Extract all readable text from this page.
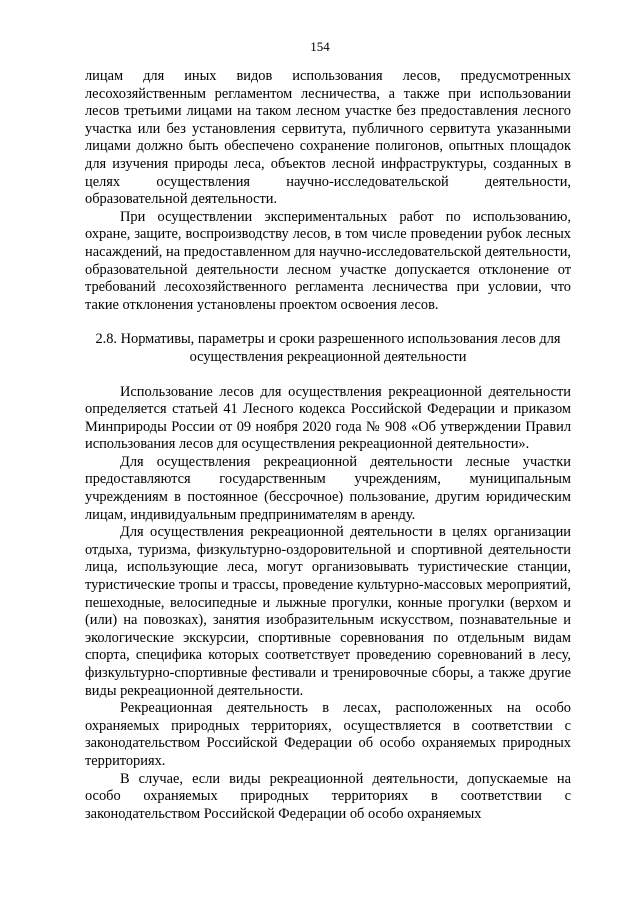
154

лицам для иных видов использования лесов, предусмотренных лесохозяйственным регламентом лесничества, а также при использовании лесов третьими лицами на таком лесном участке без предоставления лесного участка или без установления сервитута, публичного сервитута указанными лицами должно быть обеспечено сохранение полигонов, опытных площадок для изучения природы леса, объектов лесной инфраструктуры, созданных в целях осуществления научно-исследовательской деятельности, образовательной деятельности.

При осуществлении экспериментальных работ по использованию, охране, защите, воспроизводству лесов, в том числе проведении рубок лесных насаждений, на предоставленном для научно-исследовательской деятельности, образовательной деятельности лесном участке допускается отклонение от требований лесохозяйственного регламента лесничества при условии, что такие отклонения установлены проектом освоения лесов.

2.8. Нормативы, параметры и сроки разрешенного использования лесов для
осуществления рекреационной деятельности

Использование лесов для осуществления рекреационной деятельности определяется статьей 41 Лесного кодекса Российской Федерации и приказом Минприроды России от 09 ноября 2020 года № 908 «Об утверждении Правил использования лесов для осуществления рекреационной деятельности».

Для осуществления рекреационной деятельности лесные участки предоставляются государственным учреждениям, муниципальным учреждениям в постоянное (бессрочное) пользование, другим юридическим лицам, индивидуальным предпринимателям в аренду.

Для осуществления рекреационной деятельности в целях организации отдыха, туризма, физкультурно-оздоровительной и спортивной деятельности лица, использующие леса, могут организовывать туристические станции, туристические тропы и трассы, проведение культурно-массовых мероприятий, пешеходные, велосипедные и лыжные прогулки, конные прогулки (верхом и (или) на повозках), занятия изобразительным искусством, познавательные и экологические экскурсии, спортивные соревнования по отдельным видам спорта, специфика которых соответствует проведению соревнований в лесу, физкультурно-спортивные фестивали и тренировочные сборы, а также другие виды рекреационной деятельности.

Рекреационная деятельность в лесах, расположенных на особо охраняемых природных территориях, осуществляется в соответствии с законодательством Российской Федерации об особо охраняемых природных территориях.

В случае, если виды рекреационной деятельности, допускаемые на особо охраняемых природных территориях в соответствии с законодательством Российской Федерации об особо охраняемых
